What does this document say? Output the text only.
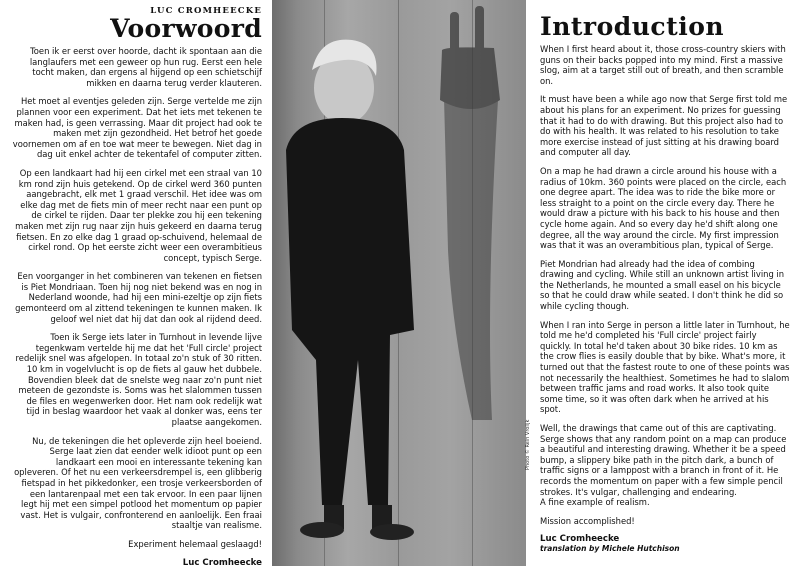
LUC CROMHEECKE
Voorwoord

Toen ik er eerst over hoorde, dacht ik spontaan aan die langlaufers met een geweer op hun rug. Eerst een hele tocht maken, dan ergens al hijgend op een schietschijf mikken en daarna terug verder klauteren.

Het moet al eventjes geleden zijn. Serge vertelde me zijn plannen voor een experiment. Dat het iets met tekenen te maken had, is geen verrassing. Maar dit project had ook te maken met zijn gezondheid. Het betrof het goede voornemen om af en toe wat meer te bewegen. Niet dag in dag uit enkel achter de tekentafel of computer zitten.

Op een landkaart had hij een cirkel met een straal van 10 km rond zijn huis getekend. Op de cirkel werd 360 punten aangebracht, elk met 1 graad verschil. Het idee was om elke dag met de fiets min of meer recht naar een punt op de cirkel te rijden. Daar ter plekke zou hij een tekening maken met zijn rug naar zijn huis gekeerd en daarna terug fietsen. En zo elke dag 1 graad op-schuivend, helemaal de cirkel rond. Op het eerste zicht weer een overambitieus concept, typisch Serge.

Een voorganger in het combineren van tekenen en fietsen is Piet Mondriaan. Toen hij nog niet bekend was en nog in Nederland woonde, had hij een mini-ezeltje op zijn fiets gemonteerd om al zittend tekeningen te kunnen maken. Ik geloof wel niet dat hij dat dan ook al rijdend deed.

Toen ik Serge iets later in Turnhout in levende lijve tegenkwam vertelde hij me dat het 'Full circle' project redelijk snel was afgelopen. In totaal zo'n stuk of 30 ritten. 10 km in vogelvlucht is op de fiets al gauw het dubbele. Bovendien bleek dat de snelste weg naar zo'n punt niet meteen de gezondste is. Soms was het slalommen tussen de files en wegenwerken door. Het nam ook redelijk wat tijd in beslag waardoor het vaak al donker was, eens ter plaatse aangekomen.

Nu, de tekeningen die het opleverde zijn heel boeiend. Serge laat zien dat eender welk idioot punt op een landkaart een mooi en interessante tekening kan opleveren. Of het nu een verkeersdrempel is, een glibberig fietspad in het pikkedonker, een trosje verkeersborden of een lantarenpaal met een tak ervoor. In een paar lijnen legt hij met een simpel potlood het momentum op papier vast. Het is vulgair, confronterend en aanloelijk. Een fraai staaltje van realisme.

Experiment helemaal geslaagd!

Luc Cromheecke
Photo © Rein Vrolijk
Introduction

When I first heard about it, those cross-country skiers with guns on their backs popped into my mind. First a massive slog, aim at a target still out of breath, and then scramble on.

It must have been a while ago now that Serge first told me about his plans for an experiment. No prizes for guessing that it had to do with drawing. But this project also had to do with his health. It was related to his resolution to take more exercise instead of just sitting at his drawing board and computer all day.

On a map he had drawn a circle around his house with a radius of 10km. 360 points were placed on the circle, each one degree apart. The idea was to ride the bike more or less straight to a point on the circle every day. There he would draw a picture with his back to his house and then cycle home again. And so every day he'd shift along one degree, all the way around the circle. My first impression was that it was an overambitious plan, typical of Serge.

Piet Mondrian had already had the idea of combing drawing and cycling. While still an unknown artist living in the Netherlands, he mounted a small easel on his bicycle so that he could draw while seated. I don't think he did so while cycling though.

When I ran into Serge in person a little later in Turnhout, he told me he'd completed his 'Full circle' project fairly quickly. In total he'd taken about 30 bike rides. 10 km as the crow flies is easily double that by bike. What's more, it turned out that the fastest route to one of these points was not necessarily the healthiest. Sometimes he had to slalom between traffic jams and road works. It also took quite some time, so it was often dark when he arrived at his spot.

Well, the drawings that came out of this are captivating. Serge shows that any random point on a map can produce a beautiful and interesting drawing. Whether it be a speed bump, a slippery bike path in the pitch dark, a bunch of traffic signs or a lamppost with a branch in front of it. He records the momentum on paper with a few simple pencil strokes. It's vulgar, challenging and endearing.
A fine example of realism.

Mission accomplished!

Luc Cromheecke
translation by Michele Hutchison
